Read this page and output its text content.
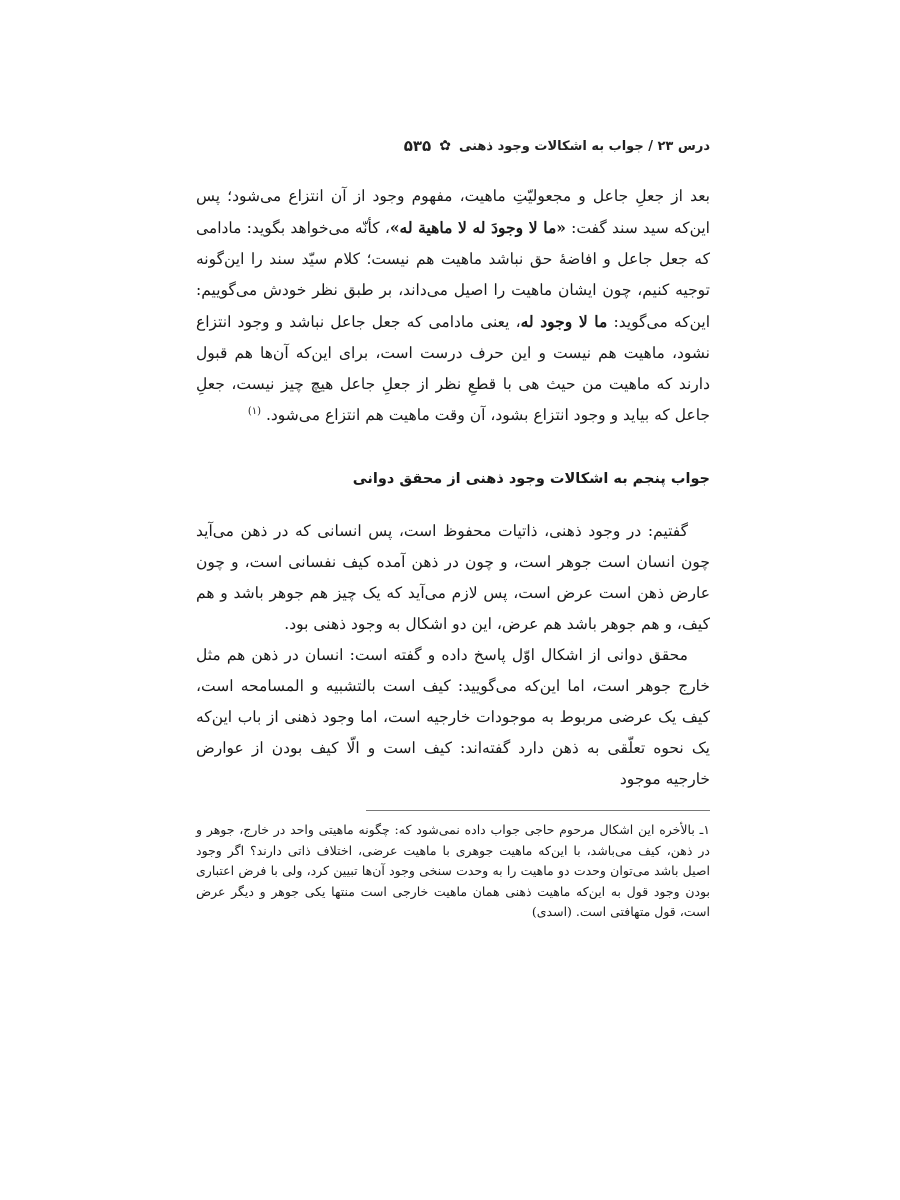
درس ۲۳ / جواب به اشکالات وجود ذهنی
✿
۵۳۵

بعد از جعلِ جاعل و مجعولیّتِ ماهیت، مفهوم وجود از آن انتزاع می‌شود؛ پس این‌که سید سند گفت: «ما لا وجودَ له لا ماهیة له»، کأنّه می‌خواهد بگوید: مادامی که جعل جاعل و افاضهٔ حق نباشد ماهیت هم نیست؛ کلام سیّد سند را این‌گونه توجیه کنیم، چون ایشان ماهیت را اصیل می‌داند، بر طبق نظر خودش می‌گوییم: این‌که می‌گوید: ما لا وجود له، یعنی مادامی که جعل جاعل نباشد و وجود انتزاع نشود، ماهیت هم نیست و این حرف درست است، برای این‌که آن‌ها هم قبول دارند که ماهیت من حیث هی با قطعِ نظر از جعلِ جاعل هیچ چیز نیست، جعلِ جاعل که بیاید و وجود انتزاع بشود، آن وقت ماهیت هم انتزاع می‌شود. $^{(۱)}$

جواب پنجم به اشکالات وجود ذهنی از محقق دوانی

گفتیم: در وجود ذهنی، ذاتیات محفوظ است، پس انسانی که در ذهن می‌آید چون انسان است جوهر است، و چون در ذهن آمده کیف نفسانی است، و چون عارض ذهن است عرض است، پس لازم می‌آید که یک چیز هم جوهر باشد و هم کیف، و هم جوهر باشد هم عرض، این دو اشکال به وجود ذهنی بود.

محقق دوانی از اشکال اوّل پاسخ داده و گفته است: انسان در ذهن هم مثل خارج جوهر است، اما این‌که می‌گویید: کیف است بالتشبیه و المسامحه است، کیف یک عرضی مربوط به موجودات خارجیه است، اما وجود ذهنی از باب این‌که یک نحوه تعلّقی به ذهن دارد گفته‌اند: کیف است و الّا کیف بودن از عوارض خارجیه موجود

۱ـ بالأخره این اشکال مرحوم حاجی جواب داده نمی‌شود که: چگونه ماهیتی واحد در خارج، جوهر و در ذهن، کیف می‌باشد، با این‌که ماهیت جوهری با ماهیت عرضی، اختلاف ذاتی دارند؟ اگر وجود اصیل باشد می‌توان وحدت دو ماهیت را به وحدت سنخی وجود آن‌ها تبیین کرد، ولی با فرض اعتباری بودن وجود قول به این‌که ماهیت ذهنی همان ماهیت خارجی است منتها یکی جوهر و دیگر عرض است، قول متهافتی است. (اسدی)
